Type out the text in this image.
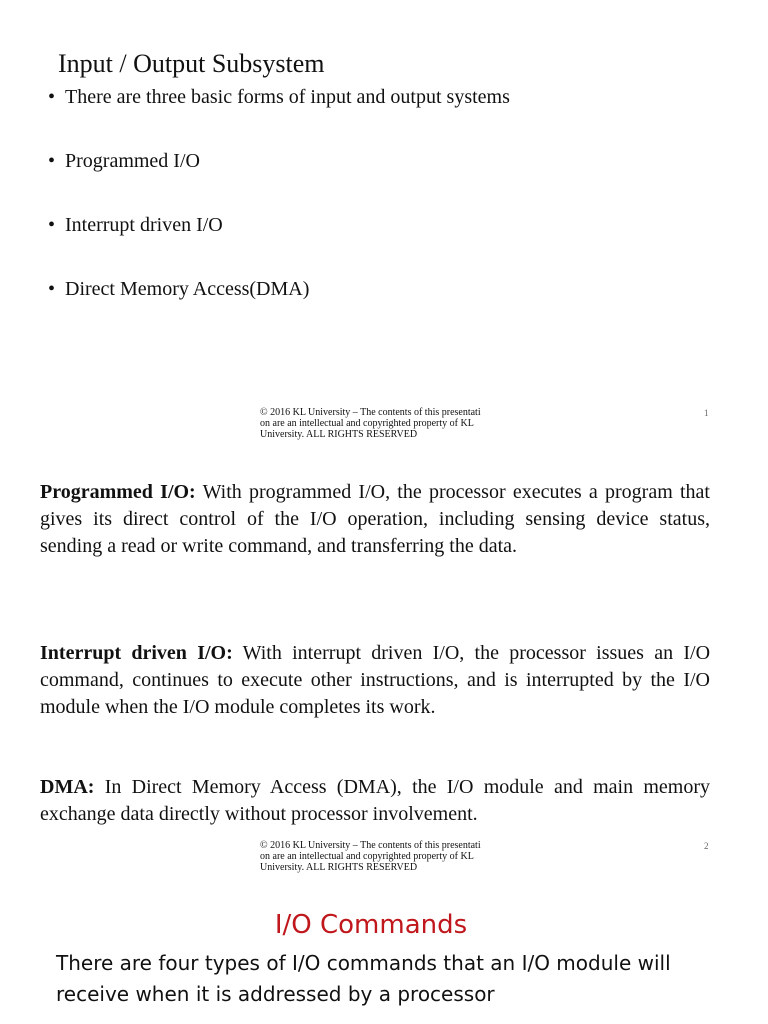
Input / Output Subsystem
• There are three basic forms of input and output systems
• Programmed I/O
• Interrupt driven I/O
• Direct Memory Access(DMA)
© 2016 KL University – The contents of this presentati
on are an intellectual and copyrighted property of KL
University. ALL RIGHTS RESERVED
1

Programmed I/O: With programmed I/O, the processor executes a program that gives its direct control of the I/O operation, including sensing device status, sending a read or write command, and transferring the data.

Interrupt driven I/O: With interrupt driven I/O, the processor issues an I/O command, continues to execute other instructions, and is interrupted by the I/O module when the I/O module completes its work.

DMA: In Direct Memory Access (DMA), the I/O module and main memory exchange data directly without processor involvement.

© 2016 KL University – The contents of this presentati
on are an intellectual and copyrighted property of KL
University. ALL RIGHTS RESERVED
2
I/O Commands

There are four types of I/O commands that an I/O module will receive when it is addressed by a processor
